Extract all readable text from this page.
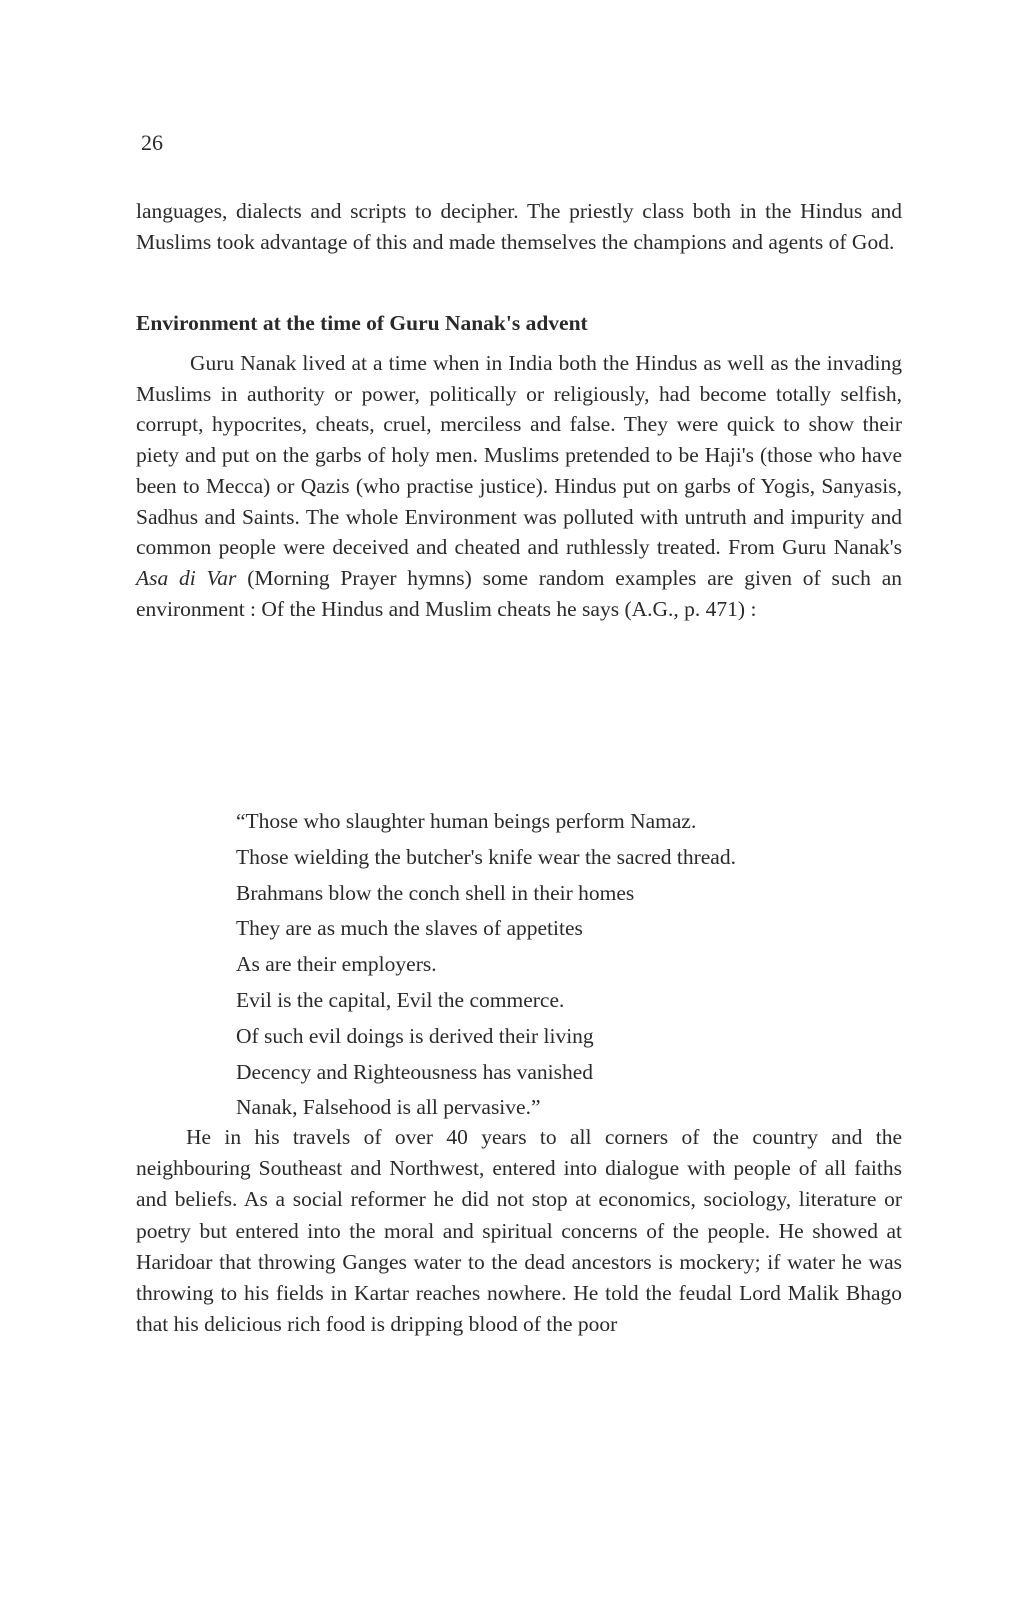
26

languages, dialects and scripts to decipher. The priestly class both in the Hindus and Muslims took advantage of this and made themselves the champions and agents of God.

Environment at the time of Guru Nanak's advent

Guru Nanak lived at a time when in India both the Hindus as well as the invading Muslims in authority or power, politically or religiously, had become totally selfish, corrupt, hypocrites, cheats, cruel, merciless and false. They were quick to show their piety and put on the garbs of holy men. Muslims pretended to be Haji's (those who have been to Mecca) or Qazis (who practise justice). Hindus put on garbs of Yogis, Sanyasis, Sadhus and Saints. The whole Environment was polluted with untruth and impurity and common people were deceived and cheated and ruthlessly treated. From Guru Nanak's Asa di Var (Morning Prayer hymns) some random examples are given of such an environment : Of the Hindus and Muslim cheats he says (A.G., p. 471) :

“Those who slaughter human beings perform Namaz.
Those wielding the butcher's knife wear the sacred thread.
Brahmans blow the conch shell in their homes
They are as much the slaves of appetites
As are their employers.
Evil is the capital, Evil the commerce.
Of such evil doings is derived their living
Decency and Righteousness has vanished
Nanak, Falsehood is all pervasive.”

He in his travels of over 40 years to all corners of the country and the neighbouring Southeast and Northwest, entered into dialogue with people of all faiths and beliefs. As a social reformer he did not stop at economics, sociology, literature or poetry but entered into the moral and spiritual concerns of the people. He showed at Haridoar that throwing Ganges water to the dead ancestors is mockery; if water he was throwing to his fields in Kartar reaches nowhere. He told the feudal Lord Malik Bhago that his delicious rich food is dripping blood of the poor
